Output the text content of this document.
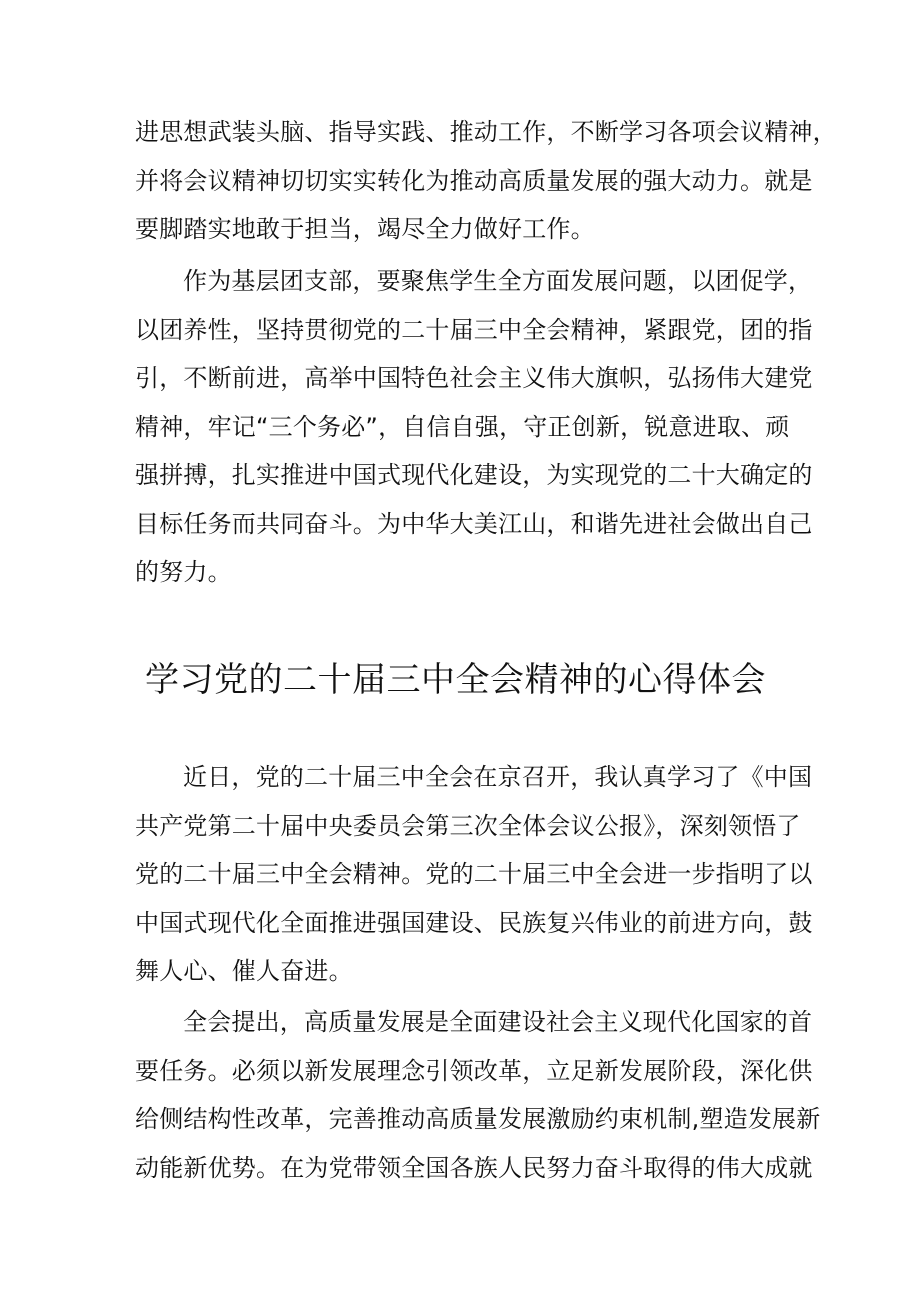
进思想武装头脑、指导实践、推动工作，不断学习各项会议精神，
并将会议精神切切实实转化为推动高质量发展的强大动力。就是
要脚踏实地敢于担当，竭尽全力做好工作。
作为基层团支部，要聚焦学生全方面发展问题，以团促学，
以团养性，坚持贯彻党的二十届三中全会精神，紧跟党，团的指
引，不断前进，高举中国特色社会主义伟大旗帜，弘扬伟大建党
精神，牢记“三个务必”，自信自强，守正创新，锐意进取、顽
强拼搏，扎实推进中国式现代化建设，为实现党的二十大确定的
目标任务而共同奋斗。为中华大美江山，和谐先进社会做出自己
的努力。
学习党的二十届三中全会精神的心得体会
近日，党的二十届三中全会在京召开，我认真学习了《中国
共产党第二十届中央委员会第三次全体会议公报》，深刻领悟了
党的二十届三中全会精神。党的二十届三中全会进一步指明了以
中国式现代化全面推进强国建设、民族复兴伟业的前进方向，鼓
舞人心、催人奋进。
全会提出，高质量发展是全面建设社会主义现代化国家的首
要任务。必须以新发展理念引领改革，立足新发展阶段，深化供
给侧结构性改革，完善推动高质量发展激励约束机制,塑造发展新
动能新优势。在为党带领全国各族人民努力奋斗取得的伟大成就
